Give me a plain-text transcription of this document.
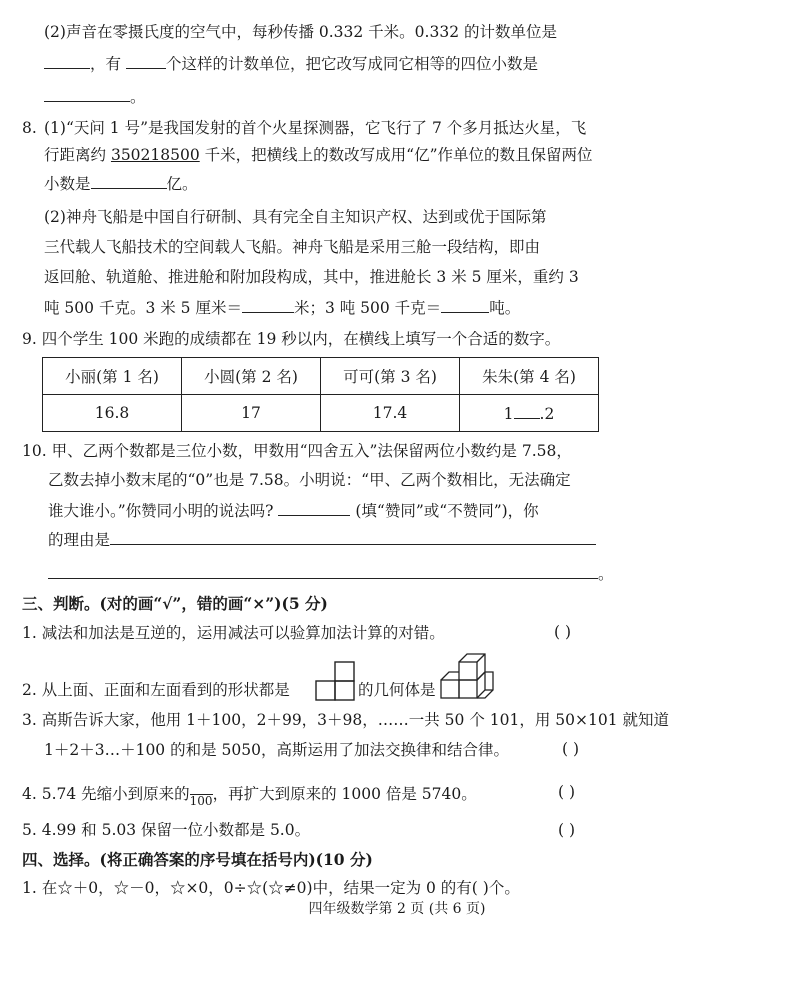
(2)声音在零摄氏度的空气中，每秒传播 0.332 千米。0.332 的计数单位是
，有	个这样的计数单位，把它改写成同它相等的四位小数是
。
8. (1)“天问 1 号”是我国发射的首个火星探测器，它飞行了 7 个多月抵达火星，飞
行距离约 350218500 千米，把横线上的数改写成用“亿”作单位的数且保留两位
小数是	亿。
(2)神舟飞船是中国自行研制、具有完全自主知识产权、达到或优于国际第
三代载人飞船技术的空间载人飞船。神舟飞船是采用三舱一段结构，即由
返回舱、轨道舱、推进舱和附加段构成，其中，推进舱长 3 米 5 厘米，重约 3
吨 500 千克。3 米 5 厘米＝	米；3 吨 500 千克＝	吨。
9. 四个学生 100 米跑的成绩都在 19 秒以内，在横线上填写一个合适的数字。
小丽(第 1 名)	小圆(第 2 名)	可可(第 3 名)	朱朱(第 4 名)
16.8	17	17.4	1 .2
10. 甲、乙两个数都是三位小数，甲数用“四舍五入”法保留两位小数约是 7.58，
乙数去掉小数末尾的“0”也是 7.58。小明说：“甲、乙两个数相比，无法确定
谁大谁小。”你赞同小明的说法吗?	(填“赞同”或“不赞同”)，你
的理由是
。
三、判断。(对的画“√”，错的画“×”)(5 分)
1. 减法和加法是互逆的，运用减法可以验算加法计算的对错。	( )
2. 从上面、正面和左面看到的形状都是	的几何体是
3. 高斯告诉大家，他用 1＋100，2＋99，3＋98，……一共 50 个 101，用 50×101 就知道
1＋2＋3…＋100 的和是 5050，高斯运用了加法交换律和结合律。	( )
4. 5.74 先缩小到原来的 100 ，再扩大到原来的 1000 倍是 5740。	( )
5. 4.99 和 5.03 保留一位小数都是 5.0。	( )
四、选择。(将正确答案的序号填在括号内)(10 分)
1. 在☆＋0，☆－0，☆×0，0÷☆(☆≠0)中，结果一定为 0 的有( )个。
四年级数学第 2 页 (共 6 页)
